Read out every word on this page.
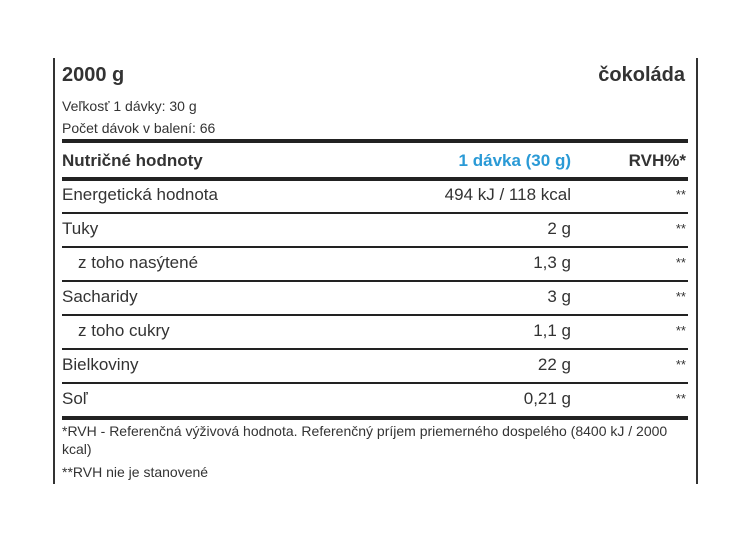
2000 g	čokoláda
Veľkosť 1 dávky: 30 g
Počet dávok v balení: 66
Nutričné hodnoty	1 dávka (30 g)	RVH%*
Energetická hodnota	494 kJ / 118 kcal	**
Tuky	2 g	**
z toho nasýtené	1,3 g	**
Sacharidy	3 g	**
z toho cukry	1,1 g	**
Bielkoviny	22 g	**
Soľ	0,21 g	**
*RVH - Referenčná výživová hodnota. Referenčný príjem priemerného dospelého (8400 kJ / 2000 kcal)
**RVH nie je stanovené
